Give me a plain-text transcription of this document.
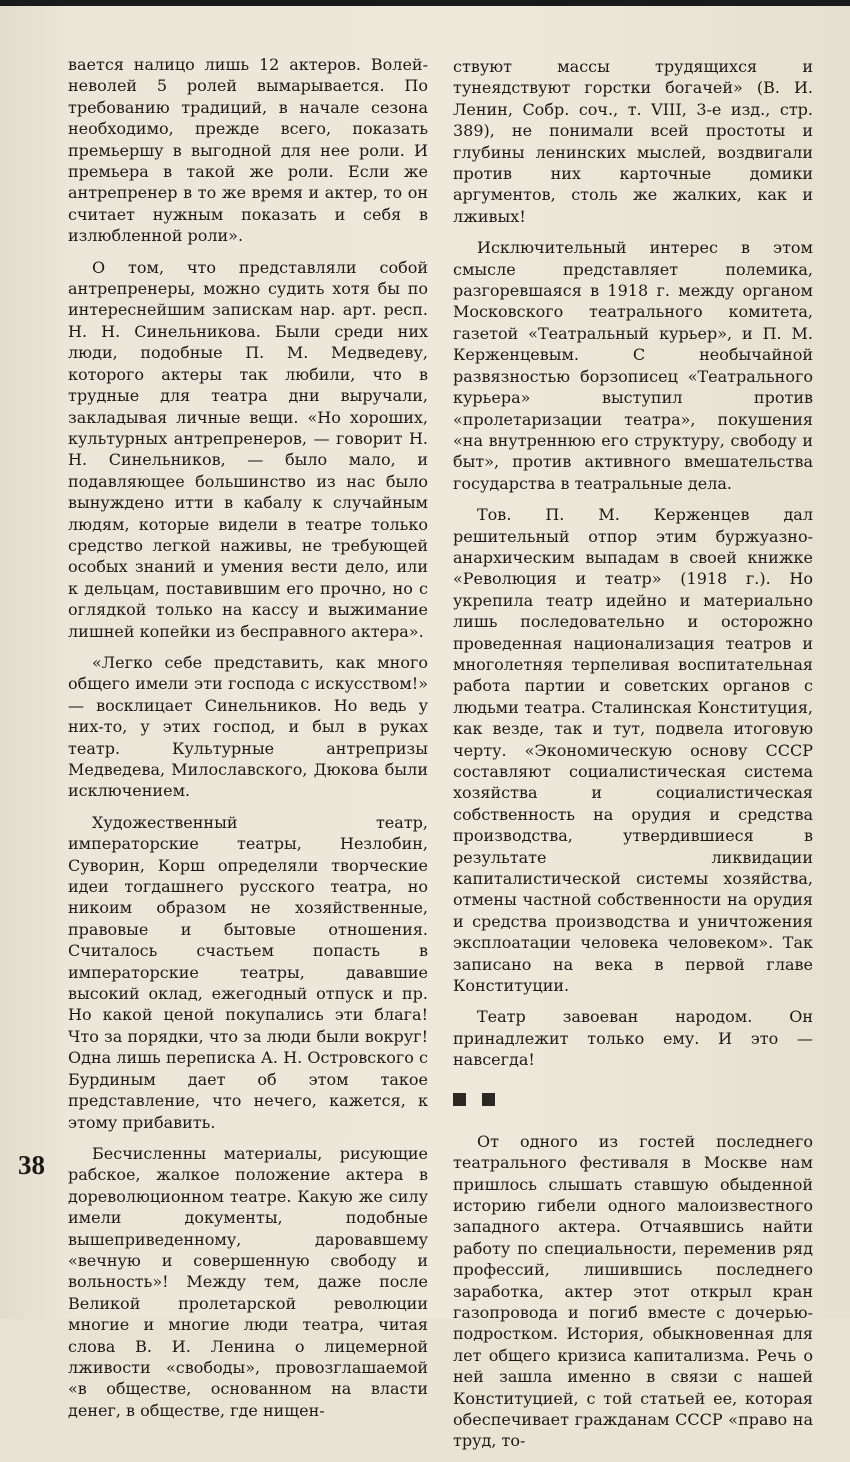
вается налицо лишь 12 актеров. Волей-неволей 5 ролей вымарывается. По требованию традиций, в начале сезона необходимо, прежде всего, показать премьершу в выгодной для нее роли. И премьера в такой же роли. Если же антрепренер в то же время и актер, то он считает нужным показать и себя в излюбленной роли».

О том, что представляли собой антрепренеры, можно судить хотя бы по интереснейшим запискам нар. арт. респ. Н. Н. Синельникова. Были среди них люди, подобные П. М. Медведеву, которого актеры так любили, что в трудные для театра дни выручали, закладывая личные вещи. «Но хороших, культурных антрепренеров, — говорит Н. Н. Синельников, — было мало, и подавляющее большинство из нас было вынуждено итти в кабалу к случайным людям, которые видели в театре только средство легкой наживы, не требующей особых знаний и умения вести дело, или к дельцам, поставившим его прочно, но с оглядкой только на кассу и выжимание лишней копейки из бесправного актера».

«Легко себе представить, как много общего имели эти господа с искусством!» — восклицает Синельников. Но ведь у них-то, у этих господ, и был в руках театр. Культурные антрепризы Медведева, Милославского, Дюкова были исключением.

Художественный театр, императорские театры, Незлобин, Суворин, Корш определяли творческие идеи тогдашнего русского театра, но никоим образом не хозяйственные, правовые и бытовые отношения. Считалось счастьем попасть в императорские театры, дававшие высокий оклад, ежегодный отпуск и пр. Но какой ценой покупались эти блага! Что за порядки, что за люди были вокруг! Одна лишь переписка А. Н. Островского с Бурдиным дает об этом такое представление, что нечего, кажется, к этому прибавить.

Бесчисленны материалы, рисующие рабское, жалкое положение актера в дореволюционном театре. Какую же силу имели документы, подобные вышеприведенному, даровавшему «вечную и совершенную свободу и вольность»! Между тем, даже после Великой пролетарской революции многие и многие люди театра, читая слова В. И. Ленина о лицемерной лживости «свободы», провозглашаемой «в обществе, основанном на власти денег, в обществе, где нищен-

ствуют массы трудящихся и тунеядствуют горстки богачей» (В. И. Ленин, Собр. соч., т. VIII, 3-е изд., стр. 389), не понимали всей простоты и глубины ленинских мыслей, воздвигали против них карточные домики аргументов, столь же жалких, как и лживых!

Исключительный интерес в этом смысле представляет полемика, разгоревшаяся в 1918 г. между органом Московского театрального комитета, газетой «Театральный курьер», и П. М. Керженцевым. С необычайной развязностью борзописец «Театрального курьера» выступил против «пролетаризации театра», покушения «на внутреннюю его структуру, свободу и быт», против активного вмешательства государства в театральные дела.

Тов. П. М. Керженцев дал решительный отпор этим буржуазно-анархическим выпадам в своей книжке «Революция и театр» (1918 г.). Но укрепила театр идейно и материально лишь последовательно и осторожно проведенная национализация театров и многолетняя терпеливая воспитательная работа партии и советских органов с людьми театра. Сталинская Конституция, как везде, так и тут, подвела итоговую черту. «Экономическую основу СССР составляют социалистическая система хозяйства и социалистическая собственность на орудия и средства производства, утвердившиеся в результате ликвидации капиталистической системы хозяйства, отмены частной собственности на орудия и средства производства и уничтожения эксплоатации человека человеком». Так записано на века в первой главе Конституции.

Театр завоеван народом. Он принадлежит только ему. И это — навсегда!

От одного из гостей последнего театрального фестиваля в Москве нам пришлось слышать ставшую обыденной историю гибели одного малоизвестного западного актера. Отчаявшись найти работу по специальности, переменив ряд профессий, лишившись последнего заработка, актер этот открыл кран газопровода и погиб вместе с дочерью-подростком. История, обыкновенная для лет общего кризиса капитализма. Речь о ней зашла именно в связи с нашей Конституцией, с той статьей ее, которая обеспечивает гражданам СССР «право на труд, то-

38
